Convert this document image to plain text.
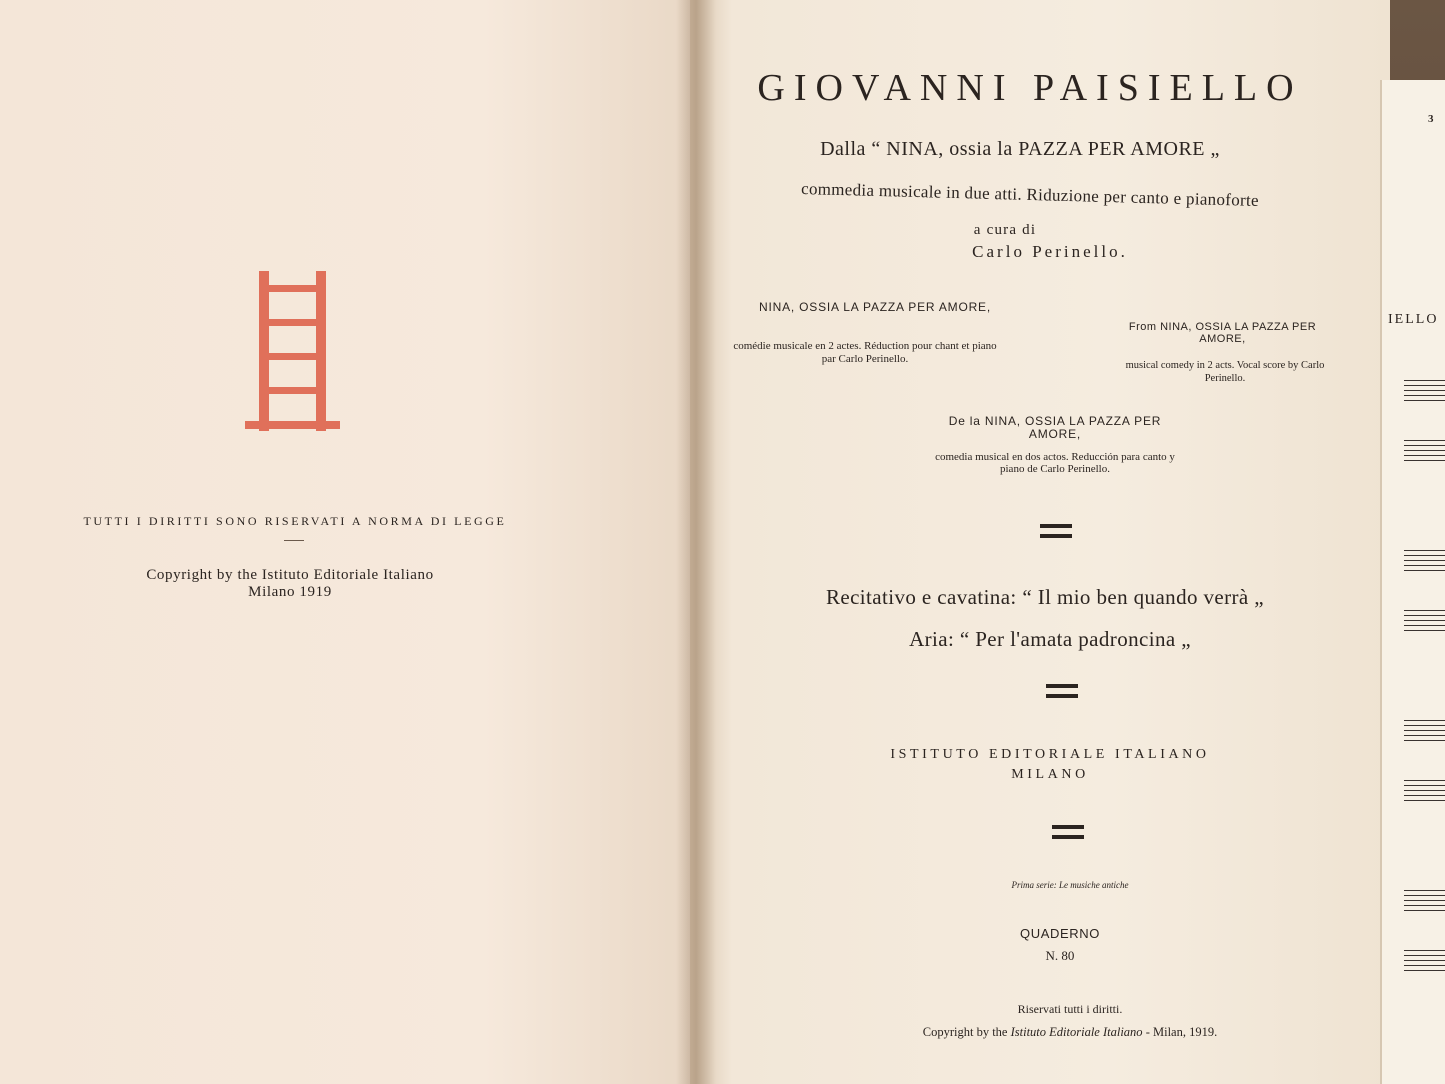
3
IELLO
TUTTI I DIRITTI SONO RISERVATI A NORMA DI LEGGE
Copyright by the Istituto Editoriale Italiano
Milano 1919
GIOVANNI PAISIELLO
Dalla “ NINA, ossia la PAZZA PER AMORE „
commedia musicale in due atti. Riduzione per canto e pianoforte
a cura di
Carlo Perinello.
NINA, OSSIA LA PAZZA PER AMORE,
comédie musicale en 2 actes. Réduction pour chant et piano par Carlo Perinello.
From NINA, OSSIA LA PAZZA PER AMORE,
musical comedy in 2 acts. Vocal score by Carlo Perinello.
De la NINA, OSSIA LA PAZZA PER AMORE,
comedia musical en dos actos. Reducción para canto y piano de Carlo Perinello.
Recitativo e cavatina: “ Il mio ben quando verrà „
Aria: “ Per l'amata padroncina „
ISTITUTO EDITORIALE ITALIANO
MILANO
Prima serie: Le musiche antiche
QUADERNO
N. 80
Riservati tutti i diritti.
Copyright by the Istituto Editoriale Italiano - Milan, 1919.
